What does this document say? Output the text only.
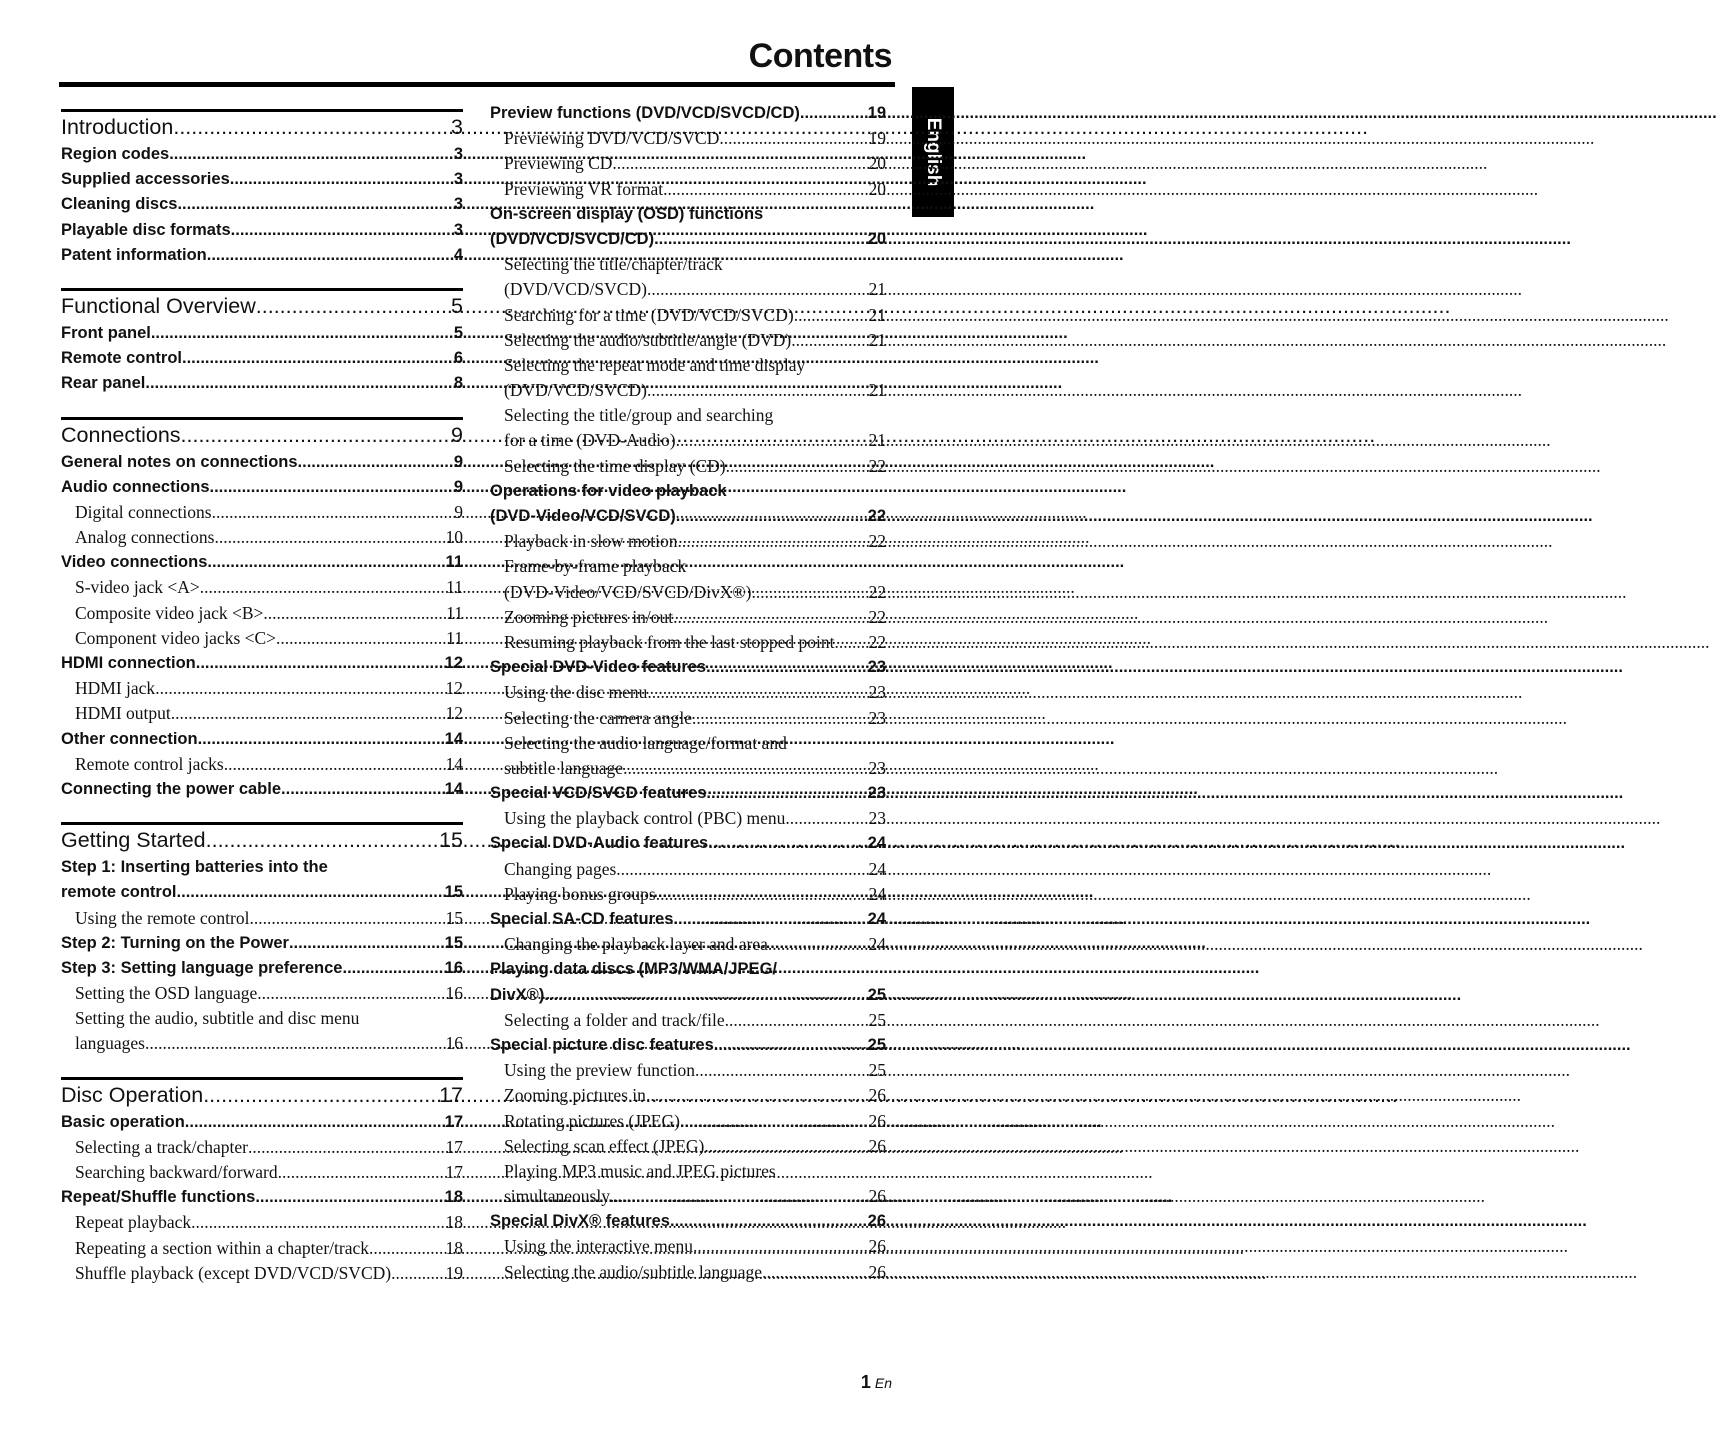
Contents
English
Introduction .....	3
Region codes .....	3
Supplied accessories .....	3
Cleaning discs .....	3
Playable disc formats .....	3
Patent information .....	4
Functional Overview .....	5
Front panel .....	5
Remote control .....	6
Rear panel .....	8
Connections .....	9
General notes on connections .....	9
Audio connections .....	9
Digital connections .....	9
Analog connections .....	10
Video connections .....	11
S-video jack <A> .....	11
Composite video jack <B> .....	11
Component video jacks <C> .....	11
HDMI connection .....	12
HDMI jack .....	12
HDMI output .....	12
Other connection .....	14
Remote control jacks .....	14
Connecting the power cable .....	14
Getting Started .....	15
Step 1: Inserting batteries into the
remote control .....	15
Using the remote control .....	15
Step 2: Turning on the Power .....	15
Step 3: Setting language preference .....	16
Setting the OSD language .....	16
Setting the audio, subtitle and disc menu
languages .....	16
Disc Operation .....	17
Basic operation .....	17
Selecting a track/chapter .....	17
Searching backward/forward .....	17
Repeat/Shuffle functions .....	18
Repeat playback .....	18
Repeating a section within a chapter/track .....	18
Shuffle playback (except DVD/VCD/SVCD) .....	19
Preview functions (DVD/VCD/SVCD/CD) .....	19
Previewing DVD/VCD/SVCD .....	19
Previewing CD .....	20
Previewing VR format .....	20
On-screen display (OSD) functions
(DVD/VCD/SVCD/CD) .....	20
Selecting the title/chapter/track
(DVD/VCD/SVCD) .....	21
Searching for a time (DVD/VCD/SVCD) .....	21
Selecting the audio/subtitle/angle (DVD) .....	21
Selecting the repeat mode and time display
(DVD/VCD/SVCD) .....	21
Selecting the title/group and searching
for a time (DVD-Audio) .....	21
Selecting the time display (CD) .....	22
Operations for video playback
(DVD-Video/VCD/SVCD) .....	22
Playback in slow motion .....	22
Frame-by-frame playback
(DVD-Video/VCD/SVCD/DivX®) .....	22
Zooming pictures in/out .....	22
Resuming playback from the last stopped point ..... 22
Special DVD-Video features .....	23
Using the disc menu .....	23
Selecting the camera angle .....	23
Selecting the audio language/format and
subtitle language .....	23
Special VCD/SVCD features .....	23
Using the playback control (PBC) menu .....	23
Special DVD-Audio features .....	24
Changing pages .....	24
Playing bonus groups .....	24
Special SA-CD features .....	24
Changing the playback layer and area .....	24
Playing data discs (MP3/WMA/JPEG/
DivX®) .....	25
Selecting a folder and track/file .....	25
Special picture disc features .....	25
Using the preview function .....	25
Zooming pictures in .....	26
Rotating pictures (JPEG) .....	26
Selecting scan effect (JPEG) .....	26
Playing MP3 music and JPEG pictures
simultaneously .....	26
Special DivX® features .....	26
Using the interactive menu .....	26
Selecting the audio/subtitle language .....	26
1 En
